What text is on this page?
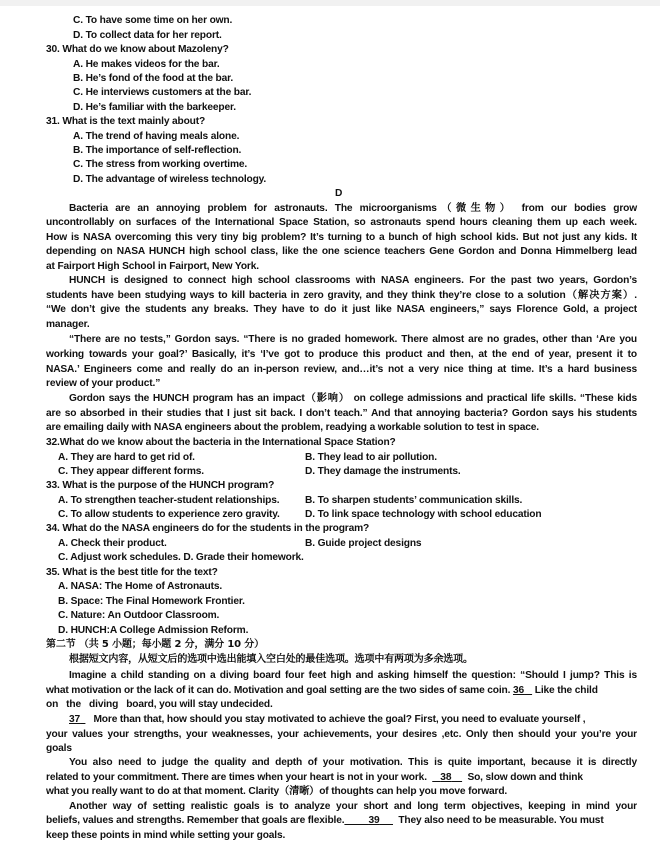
C. To have some time on her own.
D. To collect data for her report.
30. What do we know about Mazoleny?
A. He makes videos for the bar.
B. He’s fond of the food at the bar.
C. He interviews customers at the bar.
D. He’s familiar with the barkeeper.
31. What is the text mainly about?
A. The trend of having meals alone.
B. The importance of self-reflection.
C. The stress from working overtime.
D. The advantage of wireless technology.
D
Bacteria are an annoying problem for astronauts. The microorganisms（微生物） from our bodies grow
uncontrollably on surfaces of the International Space Station, so astronauts spend hours cleaning them up each week.
How is NASA overcoming this very tiny big problem? It’s turning to a bunch of high school kids. But not just any kids. It
depending on NASA HUNCH high school class, like the one science teachers Gene Gordon and Donna Himmelberg lead
at Fairport High School in Fairport, New York.
HUNCH is designed to connect high school classrooms with NASA engineers. For the past two years, Gordon’s
students have been studying ways to kill bacteria in zero gravity, and they think they’re close to a solution（解决方案）.
“We don’t give the students any breaks. They have to do it just like NASA engineers,” says Florence Gold, a project
manager.
“There are no tests,” Gordon says. “There is no graded homework. There almost are no grades, other than ‘Are you
working towards your goal?’ Basically, it’s ‘I’ve got to produce this product and then, at the end of year, present it to
NASA.’ Engineers come and really do an in-person review, and…it’s not a very nice thing at time. It’s a hard business
review of your product.”
Gordon says the HUNCH program has an impact（影响） on college admissions and practical life skills. “These kids
are so absorbed in their studies that I just sit back. I don’t teach.” And that annoying bacteria? Gordon says his students
are emailing daily with NASA engineers about the problem, readying a workable solution to test in space.
32.What do we know about the bacteria in the International Space Station?
A. They are hard to get rid of.	B. They lead to air pollution.
C. They appear different forms.	D. They damage the instruments.
33. What is the purpose of the HUNCH program?
A. To strengthen teacher-student relationships.	B. To sharpen students’ communication skills.
C. To allow students to experience zero gravity. D. To link space technology with school education
34. What do the NASA engineers do for the students in the program?
A. Check their product.	B. Guide project designs
C. Adjust work schedules. D. Grade their homework.
35. What is the best title for the text?
A. NASA: The Home of Astronauts.
B. Space: The Final Homework Frontier.
C. Nature: An Outdoor Classroom.
D. HUNCH:A College Admission Reform.
第二节 （共 5 小题；每小题 2 分，满分 10 分）
根据短文内容，从短文后的选项中选出能填入空白处的最佳选项。选项中有两项为多余选项。
Imagine a child standing on a diving board four feet high and asking himself the question: “Should I jump? This is
what motivation or the lack of it can do. Motivation and goal setting are the two sides of same coin. 36 Like the child
on   the   diving   board, you will stay undecided.
37 More than that, how should you stay motivated to achieve the goal? First, you need to evaluate yourself ,
your values your strengths, your weaknesses, your achievements, your desires ,etc. Only then should your you’re your
goals
You also need to judge the quality and depth of your motivation. This is quite important, because it is directly
related to your commitment. There are times when your heart is not in your work. 38 So, slow down and think
what you really want to do at that moment. Clarity（清晰）of thoughts can help you move forward.
Another way of setting realistic goals is to analyze your short and long term objectives, keeping in mind your
beliefs, values and strengths. Remember that goals are flexible. 39 They also need to be measurable. You must
keep these points in mind while setting your goals.
